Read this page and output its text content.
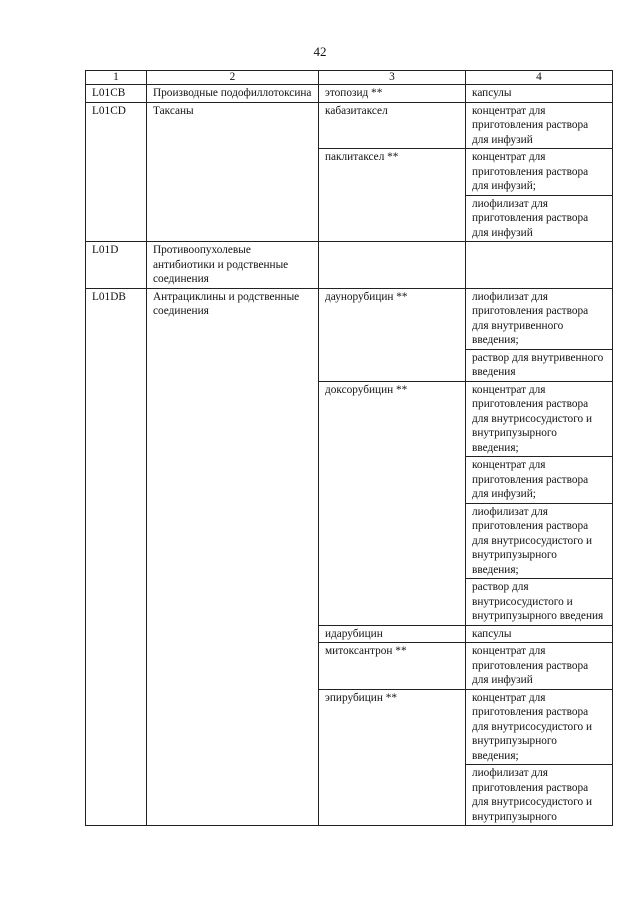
42
1	2	3	4
L01CB	Производные подофиллотоксина	этопозид **	капсулы
L01CD	Таксаны	кабазитаксел	концентрат для приготовления раствора для инфузий
		паклитаксел **	концентрат для приготовления раствора для инфузий;
			лиофилизат для приготовления раствора для инфузий
L01D	Противоопухолевые антибиотики и родственные соединения		
L01DB	Антрациклины и родственные соединения	даунорубицин **	лиофилизат для приготовления раствора для внутривенного введения;
			раствор для внутривенного введения
		доксорубицин **	концентрат для приготовления раствора для внутрисосудистого и внутрипузырного введения;
			концентрат для приготовления раствора для инфузий;
			лиофилизат для приготовления раствора для внутрисосудистого и внутрипузырного введения;
			раствор для внутрисосудистого и внутрипузырного введения
		идарубицин	капсулы
		митоксантрон **	концентрат для приготовления раствора для инфузий
		эпирубицин **	концентрат для приготовления раствора для внутрисосудистого и внутрипузырного введения;
			лиофилизат для приготовления раствора для внутрисосудистого и внутрипузырного
